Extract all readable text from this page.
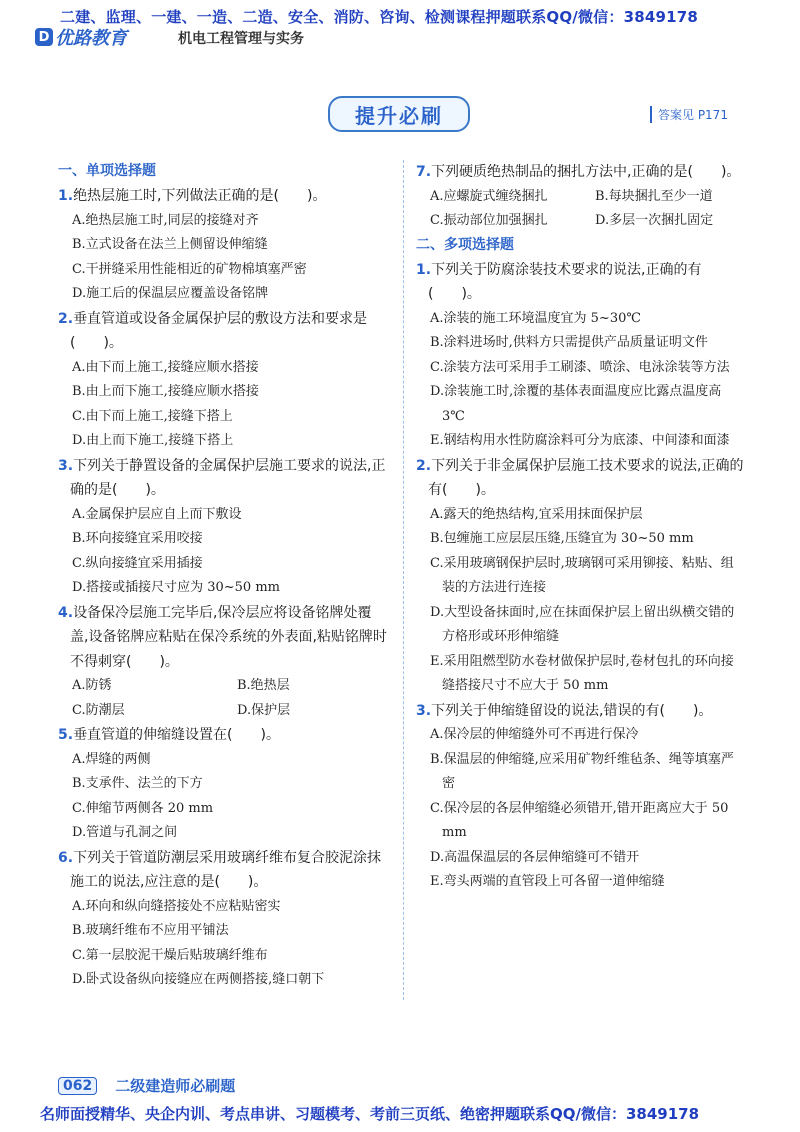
二建、监理、一建、一造、二造、安全、消防、咨询、检测课程押题联系QQ/微信：3849178
D 优路教育	机电工程管理与实务
提升必刷	答案见 P171
一、单项选择题
1.绝热层施工时,下列做法正确的是(　　)。
A.绝热层施工时,同层的接缝对齐
B.立式设备在法兰上侧留设伸缩缝
C.干拼缝采用性能相近的矿物棉填塞严密
D.施工后的保温层应覆盖设备铭牌
2.垂直管道或设备金属保护层的敷设方法和要求是(　　)。
A.由下而上施工,接缝应顺水搭接
B.由上而下施工,接缝应顺水搭接
C.由下而上施工,接缝下搭上
D.由上而下施工,接缝下搭上
3.下列关于静置设备的金属保护层施工要求的说法,正确的是(　　)。
A.金属保护层应自上而下敷设
B.环向接缝宜采用咬接
C.纵向接缝宜采用插接
D.搭接或插接尺寸应为 30~50 mm
4.设备保冷层施工完毕后,保冷层应将设备铭牌处覆盖,设备铭牌应粘贴在保冷系统的外表面,粘贴铭牌时不得刺穿(　　)。
A.防锈	B.绝热层
C.防潮层	D.保护层
5.垂直管道的伸缩缝设置在(　　)。
A.焊缝的两侧
B.支承件、法兰的下方
C.伸缩节两侧各 20 mm
D.管道与孔洞之间
6.下列关于管道防潮层采用玻璃纤维布复合胶泥涂抹施工的说法,应注意的是(　　)。
A.环向和纵向缝搭接处不应粘贴密实
B.玻璃纤维布不应用平铺法
C.第一层胶泥干燥后贴玻璃纤维布
D.卧式设备纵向接缝应在两侧搭接,缝口朝下
7.下列硬质绝热制品的捆扎方法中,正确的是(　　)。
A.应螺旋式缠绕捆扎	B.每块捆扎至少一道
C.振动部位加强捆扎	D.多层一次捆扎固定
二、多项选择题
1.下列关于防腐涂装技术要求的说法,正确的有(　　)。
A.涂装的施工环境温度宜为 5~30℃
B.涂料进场时,供料方只需提供产品质量证明文件
C.涂装方法可采用手工刷漆、喷涂、电泳涂装等方法
D.涂装施工时,涂覆的基体表面温度应比露点温度高 3℃
E.钢结构用水性防腐涂料可分为底漆、中间漆和面漆
2.下列关于非金属保护层施工技术要求的说法,正确的有(　　)。
A.露天的绝热结构,宜采用抹面保护层
B.包缠施工应层层压缝,压缝宜为 30~50 mm
C.采用玻璃钢保护层时,玻璃钢可采用铆接、粘贴、组装的方法进行连接
D.大型设备抹面时,应在抹面保护层上留出纵横交错的方格形或环形伸缩缝
E.采用阻燃型防水卷材做保护层时,卷材包扎的环向接缝搭接尺寸不应大于 50 mm
3.下列关于伸缩缝留设的说法,错误的有(　　)。
A.保冷层的伸缩缝外可不再进行保冷
B.保温层的伸缩缝,应采用矿物纤维毡条、绳等填塞严密
C.保冷层的各层伸缩缝必须错开,错开距离应大于 50 mm
D.高温保温层的各层伸缩缝可不错开
E.弯头两端的直管段上可各留一道伸缩缝
062	二级建造师必刷题
名师面授精华、央企内训、考点串讲、习题模考、考前三页纸、绝密押题联系QQ/微信：3849178
